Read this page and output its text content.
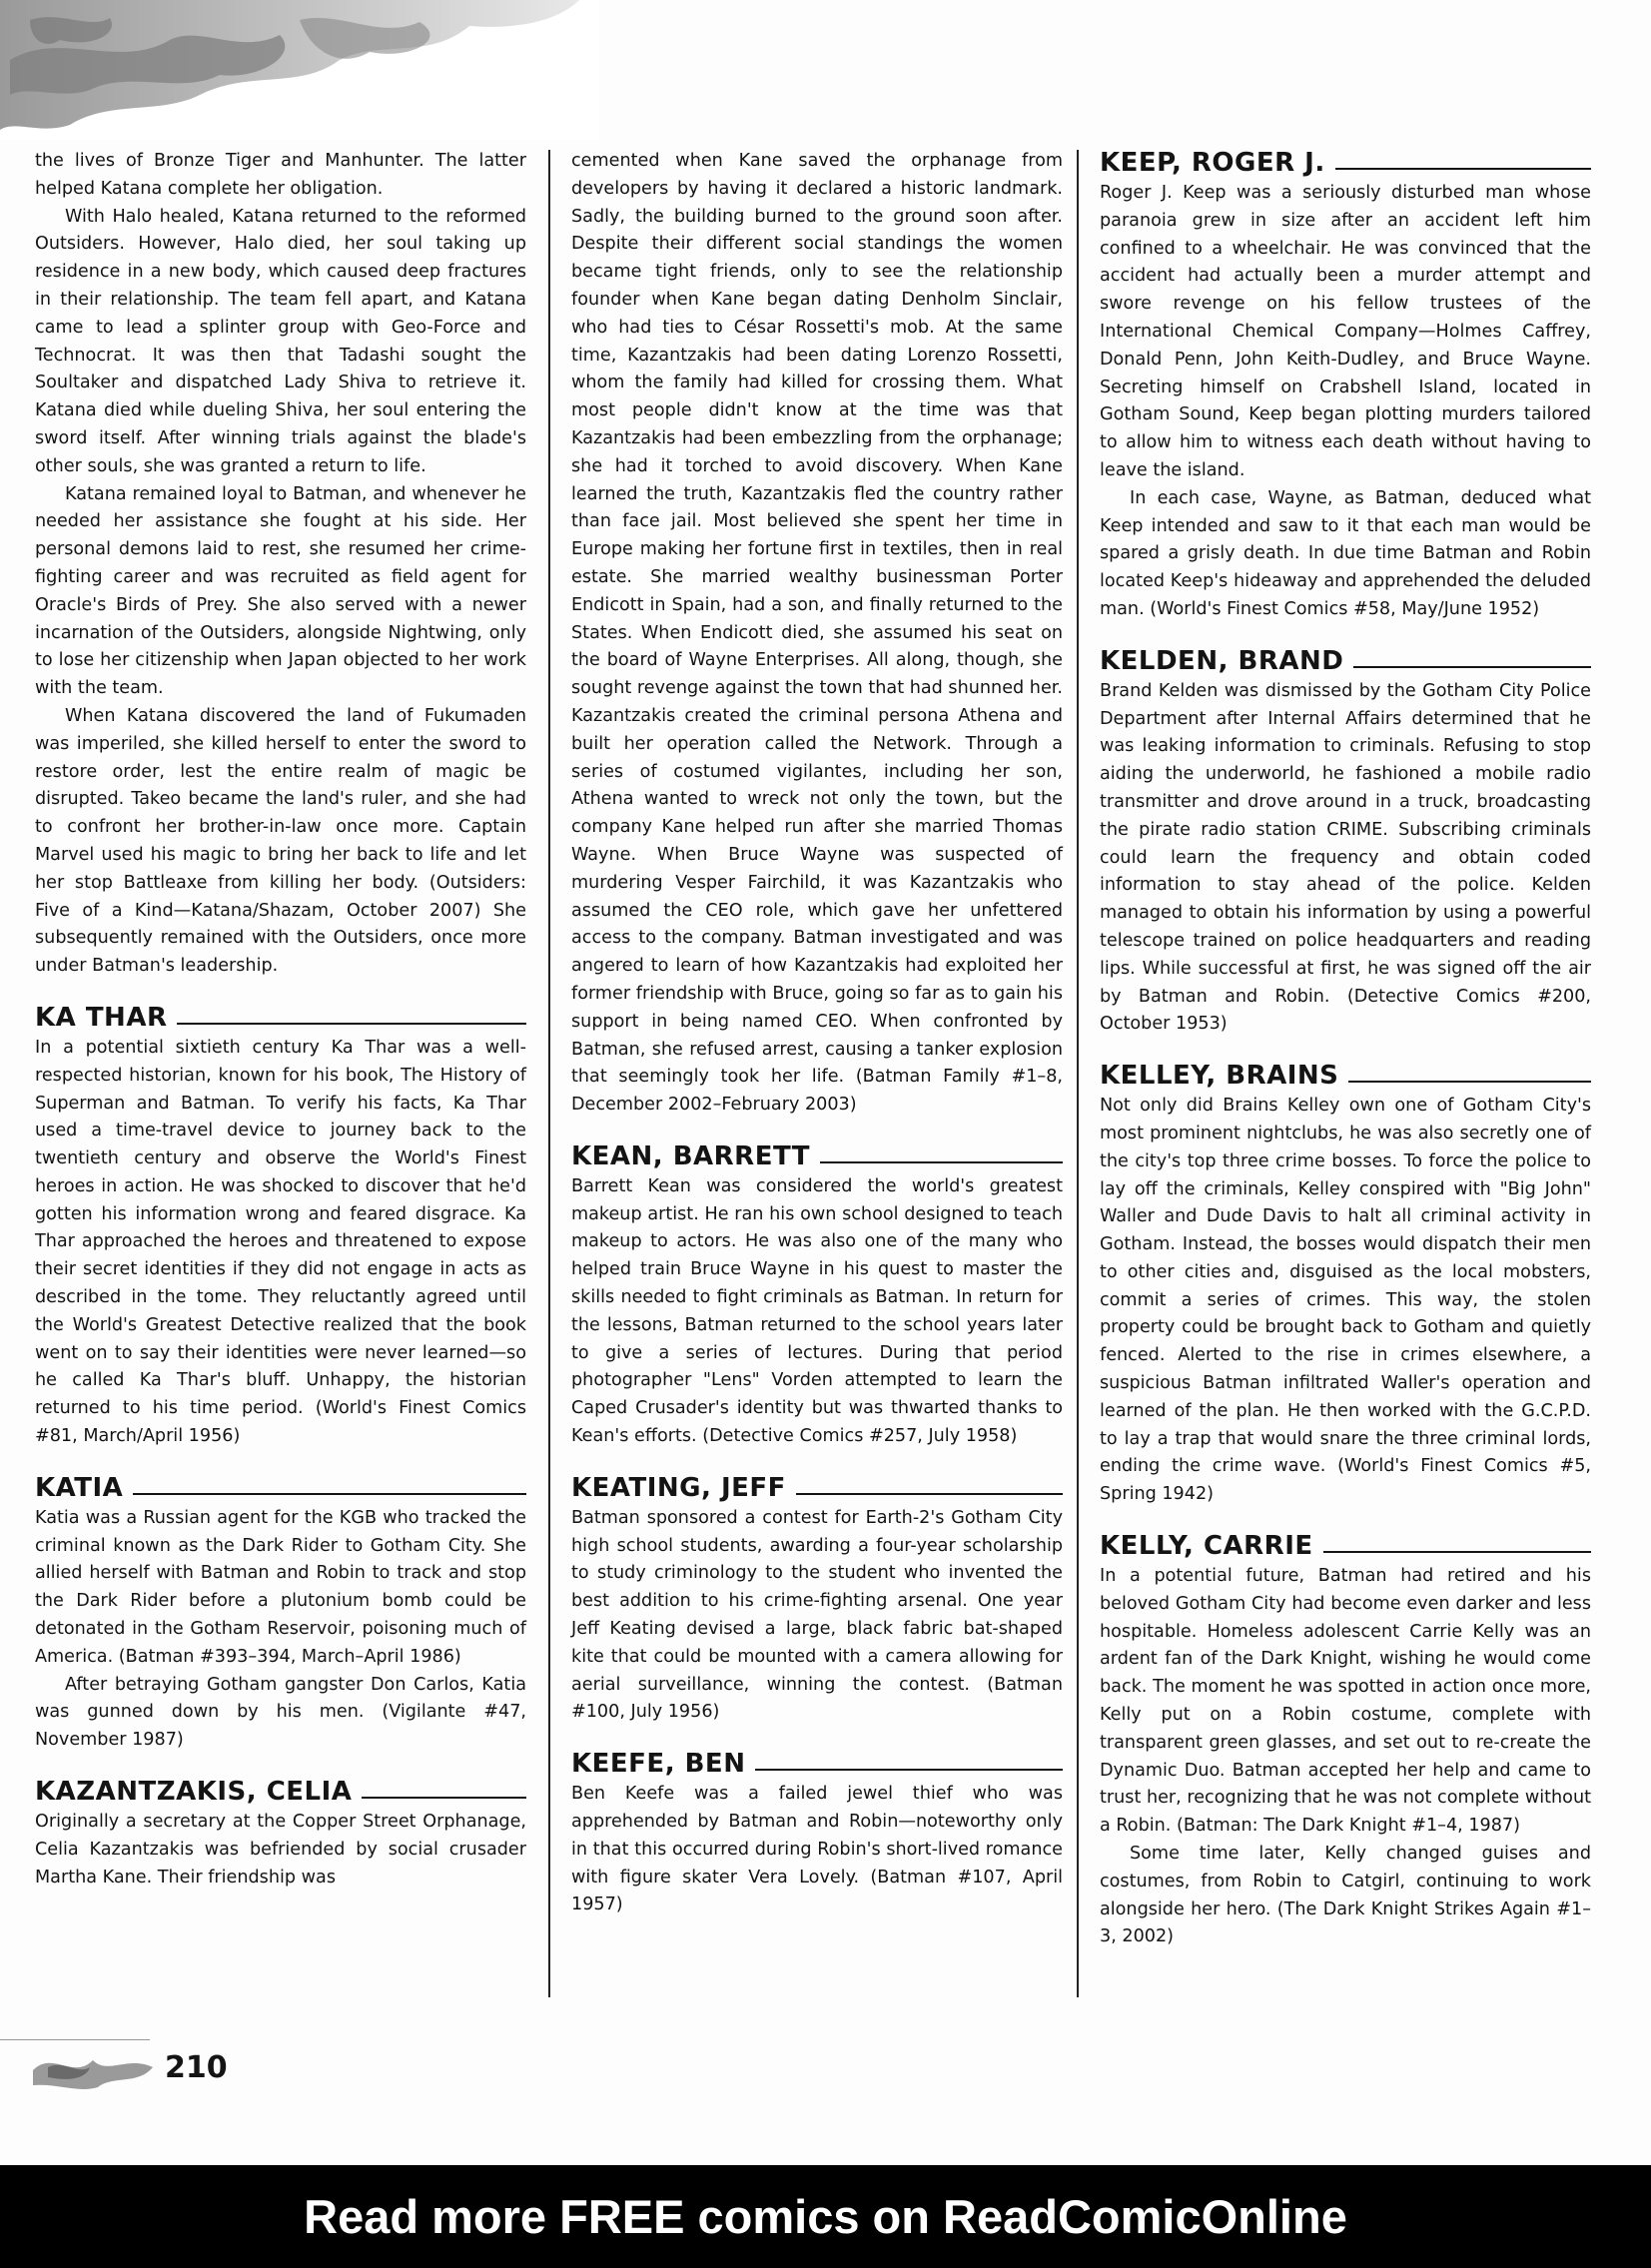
the lives of Bronze Tiger and Manhunter. The latter helped Katana complete her obligation.

With Halo healed, Katana returned to the reformed Outsiders. However, Halo died, her soul taking up residence in a new body, which caused deep fractures in their relationship. The team fell apart, and Katana came to lead a splinter group with Geo-Force and Technocrat. It was then that Tadashi sought the Soultaker and dispatched Lady Shiva to retrieve it. Katana died while dueling Shiva, her soul entering the sword itself. After winning trials against the blade's other souls, she was granted a return to life.

Katana remained loyal to Batman, and whenever he needed her assistance she fought at his side. Her personal demons laid to rest, she resumed her crime-fighting career and was recruited as field agent for Oracle's Birds of Prey. She also served with a newer incarnation of the Outsiders, alongside Nightwing, only to lose her citizenship when Japan objected to her work with the team.

When Katana discovered the land of Fukumaden was imperiled, she killed herself to enter the sword to restore order, lest the entire realm of magic be disrupted. Takeo became the land's ruler, and she had to confront her brother-in-law once more. Captain Marvel used his magic to bring her back to life and let her stop Battleaxe from killing her body. (Outsiders: Five of a Kind—Katana/Shazam, October 2007) She subsequently remained with the Outsiders, once more under Batman's leadership.

KA THAR

In a potential sixtieth century Ka Thar was a well-respected historian, known for his book, The History of Superman and Batman. To verify his facts, Ka Thar used a time-travel device to journey back to the twentieth century and observe the World's Finest heroes in action. He was shocked to discover that he'd gotten his information wrong and feared disgrace. Ka Thar approached the heroes and threatened to expose their secret identities if they did not engage in acts as described in the tome. They reluctantly agreed until the World's Greatest Detective realized that the book went on to say their identities were never learned—so he called Ka Thar's bluff. Unhappy, the historian returned to his time period. (World's Finest Comics #81, March/April 1956)

KATIA

Katia was a Russian agent for the KGB who tracked the criminal known as the Dark Rider to Gotham City. She allied herself with Batman and Robin to track and stop the Dark Rider before a plutonium bomb could be detonated in the Gotham Reservoir, poisoning much of America. (Batman #393–394, March–April 1986)

After betraying Gotham gangster Don Carlos, Katia was gunned down by his men. (Vigilante #47, November 1987)

KAZANTZAKIS, CELIA

Originally a secretary at the Copper Street Orphanage, Celia Kazantzakis was befriended by social crusader Martha Kane. Their friendship was

cemented when Kane saved the orphanage from developers by having it declared a historic landmark. Sadly, the building burned to the ground soon after. Despite their different social standings the women became tight friends, only to see the relationship founder when Kane began dating Denholm Sinclair, who had ties to César Rossetti's mob. At the same time, Kazantzakis had been dating Lorenzo Rossetti, whom the family had killed for crossing them. What most people didn't know at the time was that Kazantzakis had been embezzling from the orphanage; she had it torched to avoid discovery. When Kane learned the truth, Kazantzakis fled the country rather than face jail. Most believed she spent her time in Europe making her fortune first in textiles, then in real estate. She married wealthy businessman Porter Endicott in Spain, had a son, and finally returned to the States. When Endicott died, she assumed his seat on the board of Wayne Enterprises. All along, though, she sought revenge against the town that had shunned her. Kazantzakis created the criminal persona Athena and built her operation called the Network. Through a series of costumed vigilantes, including her son, Athena wanted to wreck not only the town, but the company Kane helped run after she married Thomas Wayne. When Bruce Wayne was suspected of murdering Vesper Fairchild, it was Kazantzakis who assumed the CEO role, which gave her unfettered access to the company. Batman investigated and was angered to learn of how Kazantzakis had exploited her former friendship with Bruce, going so far as to gain his support in being named CEO. When confronted by Batman, she refused arrest, causing a tanker explosion that seemingly took her life. (Batman Family #1–8, December 2002–February 2003)

KEAN, BARRETT

Barrett Kean was considered the world's greatest makeup artist. He ran his own school designed to teach makeup to actors. He was also one of the many who helped train Bruce Wayne in his quest to master the skills needed to fight criminals as Batman. In return for the lessons, Batman returned to the school years later to give a series of lectures. During that period photographer "Lens" Vorden attempted to learn the Caped Crusader's identity but was thwarted thanks to Kean's efforts. (Detective Comics #257, July 1958)

KEATING, JEFF

Batman sponsored a contest for Earth-2's Gotham City high school students, awarding a four-year scholarship to study criminology to the student who invented the best addition to his crime-fighting arsenal. One year Jeff Keating devised a large, black fabric bat-shaped kite that could be mounted with a camera allowing for aerial surveillance, winning the contest. (Batman #100, July 1956)

KEEFE, BEN

Ben Keefe was a failed jewel thief who was apprehended by Batman and Robin—noteworthy only in that this occurred during Robin's short-lived romance with figure skater Vera Lovely. (Batman #107, April 1957)

KEEP, ROGER J.

Roger J. Keep was a seriously disturbed man whose paranoia grew in size after an accident left him confined to a wheelchair. He was convinced that the accident had actually been a murder attempt and swore revenge on his fellow trustees of the International Chemical Company—Holmes Caffrey, Donald Penn, John Keith-Dudley, and Bruce Wayne. Secreting himself on Crabshell Island, located in Gotham Sound, Keep began plotting murders tailored to allow him to witness each death without having to leave the island.

In each case, Wayne, as Batman, deduced what Keep intended and saw to it that each man would be spared a grisly death. In due time Batman and Robin located Keep's hideaway and apprehended the deluded man. (World's Finest Comics #58, May/June 1952)

KELDEN, BRAND

Brand Kelden was dismissed by the Gotham City Police Department after Internal Affairs determined that he was leaking information to criminals. Refusing to stop aiding the underworld, he fashioned a mobile radio transmitter and drove around in a truck, broadcasting the pirate radio station CRIME. Subscribing criminals could learn the frequency and obtain coded information to stay ahead of the police. Kelden managed to obtain his information by using a powerful telescope trained on police headquarters and reading lips. While successful at first, he was signed off the air by Batman and Robin. (Detective Comics #200, October 1953)

KELLEY, BRAINS

Not only did Brains Kelley own one of Gotham City's most prominent nightclubs, he was also secretly one of the city's top three crime bosses. To force the police to lay off the criminals, Kelley conspired with "Big John" Waller and Dude Davis to halt all criminal activity in Gotham. Instead, the bosses would dispatch their men to other cities and, disguised as the local mobsters, commit a series of crimes. This way, the stolen property could be brought back to Gotham and quietly fenced. Alerted to the rise in crimes elsewhere, a suspicious Batman infiltrated Waller's operation and learned of the plan. He then worked with the G.C.P.D. to lay a trap that would snare the three criminal lords, ending the crime wave. (World's Finest Comics #5, Spring 1942)

KELLY, CARRIE

In a potential future, Batman had retired and his beloved Gotham City had become even darker and less hospitable. Homeless adolescent Carrie Kelly was an ardent fan of the Dark Knight, wishing he would come back. The moment he was spotted in action once more, Kelly put on a Robin costume, complete with transparent green glasses, and set out to re-create the Dynamic Duo. Batman accepted her help and came to trust her, recognizing that he was not complete without a Robin. (Batman: The Dark Knight #1–4, 1987)

Some time later, Kelly changed guises and costumes, from Robin to Catgirl, continuing to work alongside her hero. (The Dark Knight Strikes Again #1–3, 2002)

210
Read more FREE comics on ReadComicOnline
